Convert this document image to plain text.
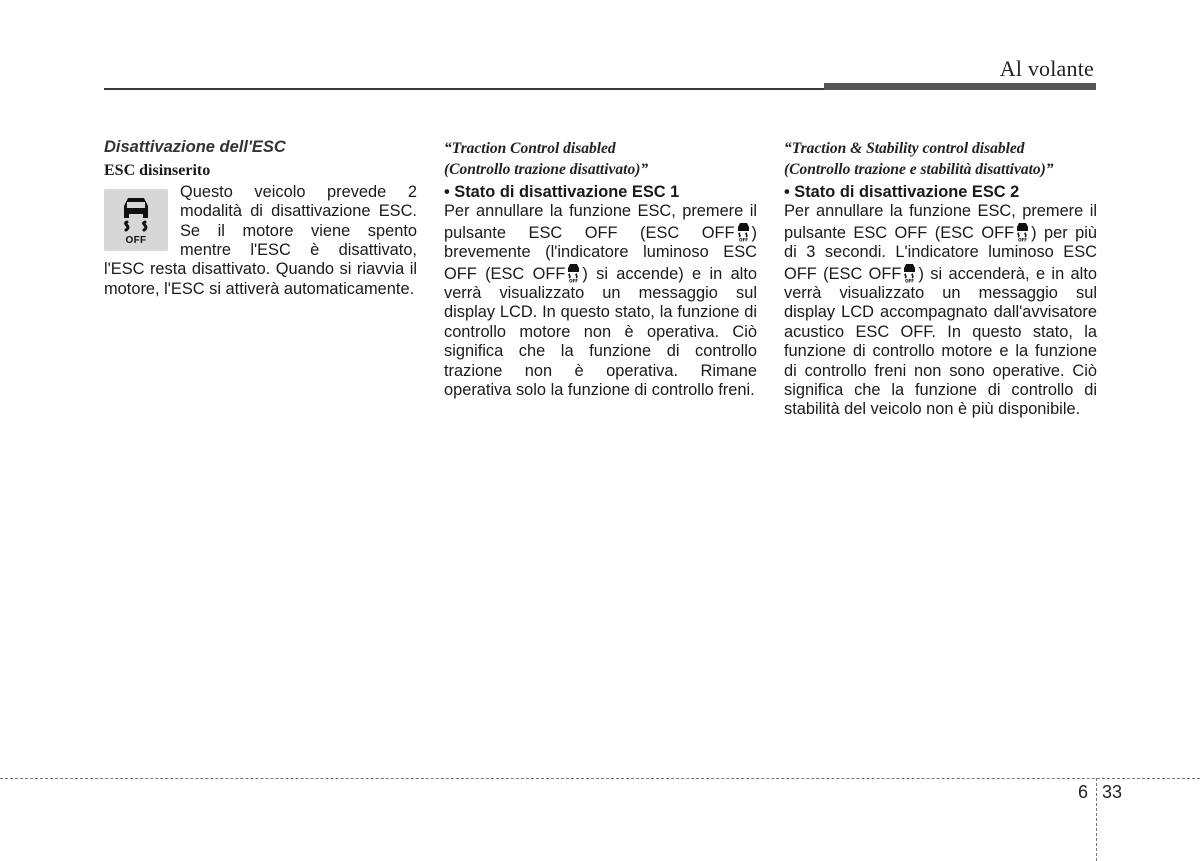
Al volante

Disattivazione dell'ESC

ESC disinserito

OFF

Questo veicolo prevede 2 modalità di disattivazione ESC. Se il motore viene spento mentre l'ESC è disattivato, l'ESC resta disattivato. Quando si riavvia il motore, l'ESC si attiverà automaticamente.

“Traction Control disabled
(Controllo trazione disattivato)”

• Stato di disattivazione ESC 1

Per annullare la funzione ESC, premere il pulsante ESC OFF (ESC OFF OFF ) brevemente (l'indicatore luminoso ESC OFF (ESC OFF OFF ) si accende) e in alto verrà visualizzato un messaggio sul display LCD. In questo stato, la funzione di controllo motore non è operativa. Ciò significa che la funzione di controllo trazione non è operativa. Rimane operativa solo la funzione di controllo freni.

“Traction & Stability control disabled
(Controllo trazione e stabilità disattivato)”

• Stato di disattivazione ESC 2

Per annullare la funzione ESC, premere il pulsante ESC OFF (ESC OFF OFF ) per più di 3 secondi. L'indicatore luminoso ESC OFF (ESC OFF OFF ) si accenderà, e in alto verrà visualizzato un messaggio sul display LCD accompagnato dall'avvisatore acustico ESC OFF. In questo stato, la funzione di controllo motore e la funzione di controllo freni non sono operative. Ciò significa che la funzione di controllo di stabilità del veicolo non è più disponibile.

6 33
